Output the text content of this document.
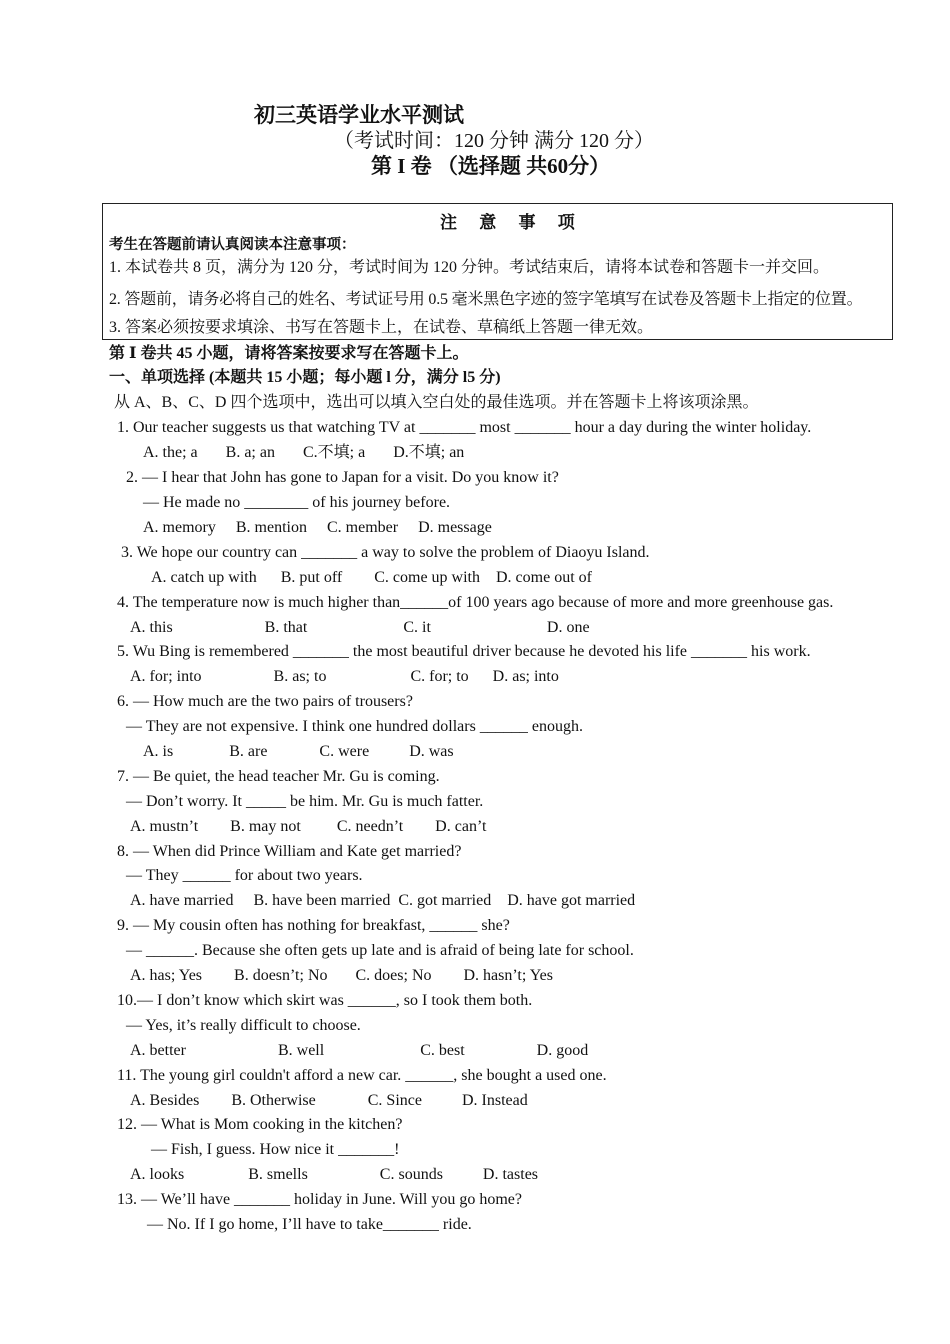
初三英语学业水平测试
（考试时间：120 分钟 满分 120 分）
第 I 卷 （选择题 共60分）
注 意 事 项
考生在答题前请认真阅读本注意事项：
1. 本试卷共 8 页，满分为 120 分，考试时间为 120 分钟。考试结束后，请将本试卷和答题卡一并交回。
2. 答题前，请务必将自己的姓名、考试证号用 0.5 毫米黑色字迹的签字笔填写在试卷及答题卡上指定的位置。
3. 答案必须按要求填涂、书写在答题卡上，在试卷、草稿纸上答题一律无效。
第 Ⅰ 卷共 45 小题，请将答案按要求写在答题卡上。
一、单项选择 (本题共 15 小题；每小题 l 分，满分 l5 分)
从 A、B、C、D 四个选项中，选出可以填入空白处的最佳选项。并在答题卡上将该项涂黑。
1. Our teacher suggests us that watching TV at _______ most _______ hour a day during the winter holiday.
A. the; a       B. a; an       C.不填; a       D.不填; an
2. — I hear that John has gone to Japan for a visit. Do you know it?
— He made no ________ of his journey before.
A. memory     B. mention     C. member     D. message
3. We hope our country can _______ a way to solve the problem of Diaoyu Island.
A. catch up with      B. put off        C. come up with    D. come out of
4. The temperature now is much higher than______of 100 years ago because of more and more greenhouse gas.
A. this                       B. that                        C. it                             D. one
5. Wu Bing is remembered _______ the most beautiful driver because he devoted his life _______ his work.
A. for; into                  B. as; to                     C. for; to      D. as; into
6. — How much are the two pairs of trousers?
— They are not expensive. I think one hundred dollars ______ enough.
A. is              B. are             C. were          D. was
7. — Be quiet, the head teacher Mr. Gu is coming.
— Don’t worry. It _____ be him. Mr. Gu is much fatter.
A. mustn’t        B. may not         C. needn’t        D. can’t
8. — When did Prince William and Kate get married?
— They ______ for about two years.
A. have married     B. have been married  C. got married    D. have got married
9. — My cousin often has nothing for breakfast, ______ she?
— ______. Because she often gets up late and is afraid of being late for school.
A. has; Yes        B. doesn’t; No       C. does; No        D. hasn’t; Yes
10.— I don’t know which skirt was ______, so I took them both.
— Yes, it’s really difficult to choose.
A. better                       B. well                        C. best                  D. good
11. The young girl couldn't afford a new car. ______, she bought a used one.
A. Besides        B. Otherwise             C. Since          D. Instead
12. — What is Mom cooking in the kitchen?
— Fish, I guess. How nice it _______!
A. looks                B. smells                  C. sounds          D. tastes
13. — We’ll have _______ holiday in June. Will you go home?
— No. If I go home, I’ll have to take_______ ride.
